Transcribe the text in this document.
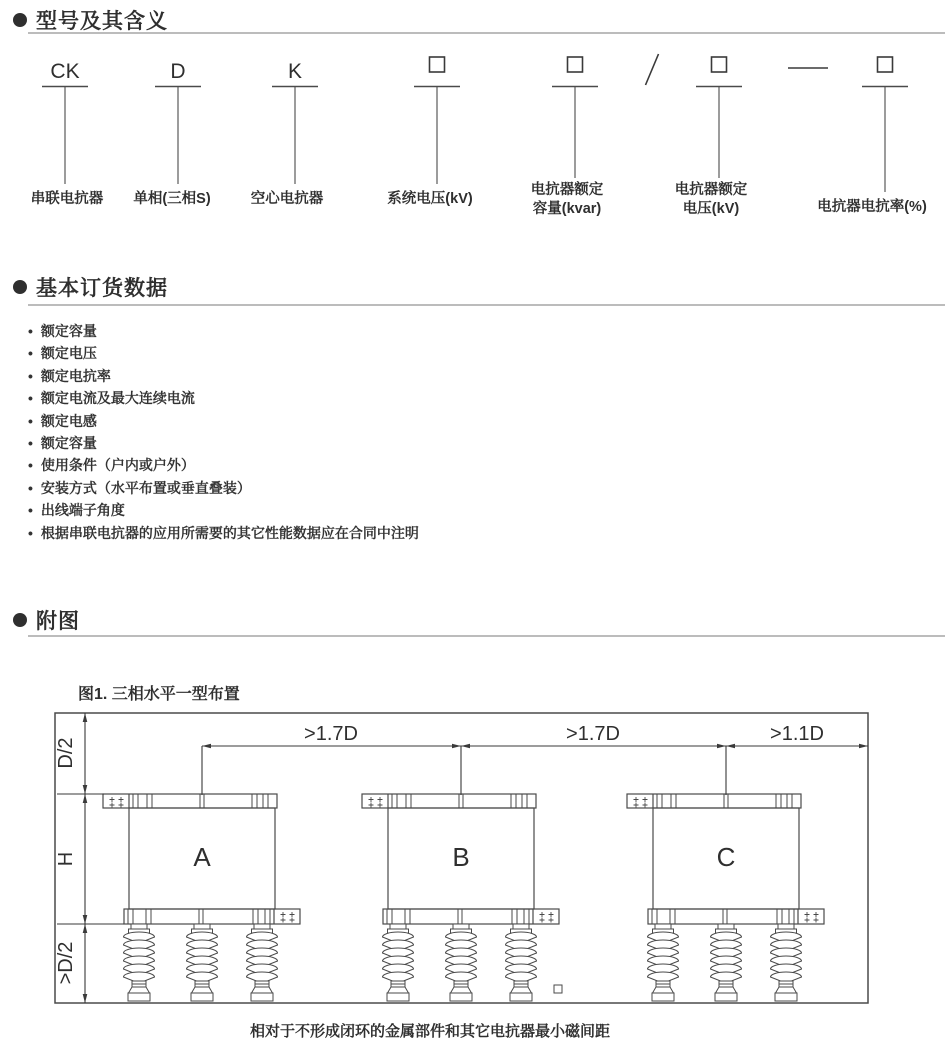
型号及其含义
CK	D	K
串联电抗器 单相(三相S)	空心电抗器	系统电压(kV)
电抗器额定
容量(kvar)
电抗器额定
电压(kV)	电抗器电抗率(%)
基本订货数据
• 额定容量
• 额定电压
• 额定电抗率
• 额定电流及最大连续电流
• 额定电感
• 额定容量
• 使用条件（户内或户外）
• 安装方式（水平布置或垂直叠装）
• 出线端子角度
• 根据串联电抗器的应用所需要的其它性能数据应在合同中注明
附图
图1. 三相水平一型布置
A	B	C
>1.7D	>1.7D	>1.1D
D/2
H
>D/2
相对于不形成闭环的金属部件和其它电抗器最小磁间距
